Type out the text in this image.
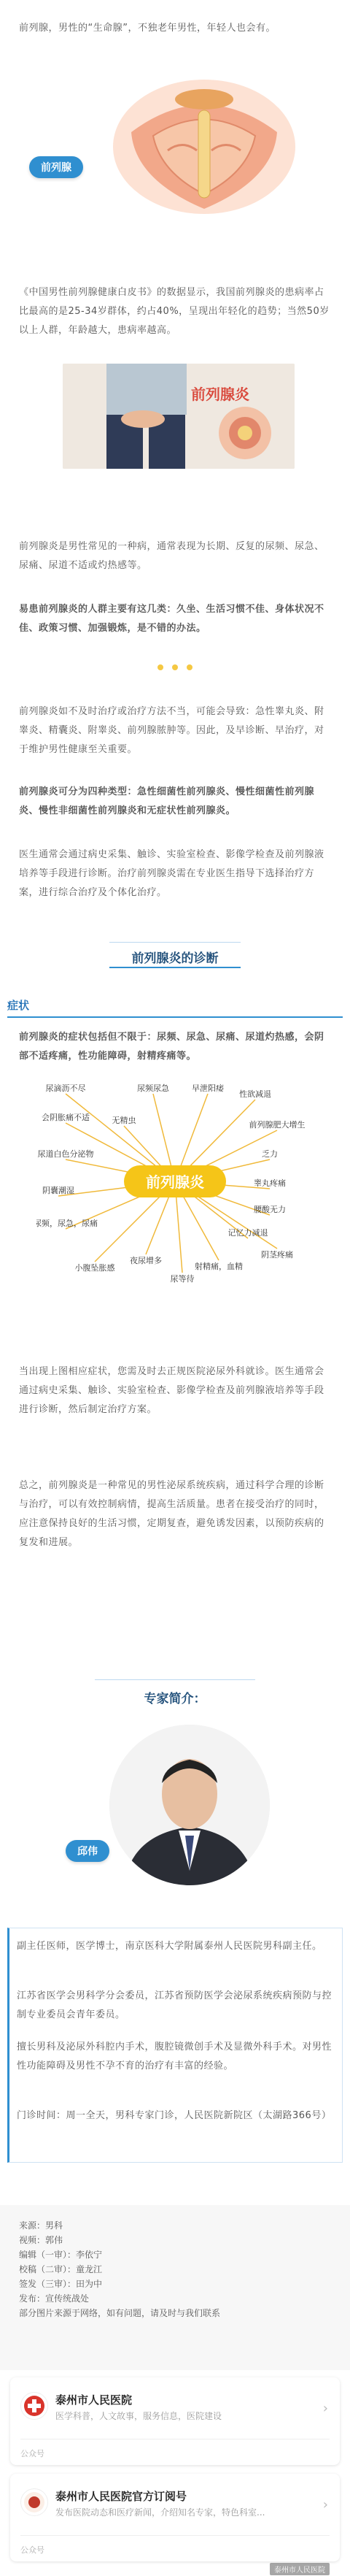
前列腺，男性的“生命腺”，不独老年男性，年轻人也会有。

前列腺

《中国男性前列腺健康白皮书》的数据显示，我国前列腺炎的患病率占比最高的是25-34岁群体，约占40%，呈现出年轻化的趋势；当然50岁以上人群，年龄越大，患病率越高。

前列腺炎

前列腺炎是男性常见的一种病，通常表现为长期、反复的尿频、尿急、尿痛、尿道不适或灼热感等。

易患前列腺炎的人群主要有这几类：久坐、生活习惯不佳、身体状况不佳、政策习惯、加强锻炼，是不错的办法。

前列腺炎如不及时治疗或治疗方法不当，可能会导致：急性睾丸炎、附睾炎、精囊炎、附睾炎、前列腺脓肿等。因此，及早诊断、早治疗，对于维护男性健康至关重要。

前列腺炎可分为四种类型：急性细菌性前列腺炎、慢性细菌性前列腺炎、慢性非细菌性前列腺炎和无症状性前列腺炎。

医生通常会通过病史采集、触诊、实验室检查、影像学检查及前列腺液培养等手段进行诊断。治疗前列腺炎需在专业医生指导下选择治疗方案，进行综合治疗及个体化治疗。

前列腺炎的诊断
症状

前列腺炎的症状包括但不限于：尿频、尿急、尿痛、尿道灼热感，会阴部不适疼痛，性功能障碍，射精疼痛等。

前列腺炎
尿滴沥不尽	尿频尿急	早泄阳痿
性欲减退
前列腺肥大增生
会阴胀痛不适	无精虫
尿道白色分泌物
阴囊潮湿
乏力
睾丸疼痛
腰酸无力
尿频，尿急，尿痛
记忆力减退
小腹坠胀感
夜尿增多
射精痛，血精
尿等待
阴茎疼痛

当出现上图相应症状，您需及时去正规医院泌尿外科就诊。医生通常会通过病史采集、触诊、实验室检查、影像学检查及前列腺液培养等手段进行诊断，然后制定治疗方案。

总之，前列腺炎是一种常见的男性泌尿系统疾病，通过科学合理的诊断与治疗，可以有效控制病情，提高生活质量。患者在接受治疗的同时，应注意保持良好的生活习惯，定期复查，避免诱发因素，以预防疾病的复发和进展。

专家简介：
邱伟

副主任医师，医学博士，南京医科大学附属泰州人民医院男科副主任。

江苏省医学会男科学分会委员，江苏省预防医学会泌尿系统疾病预防与控制专业委员会青年委员。

擅长男科及泌尿外科腔内手术，腹腔镜微创手术及显微外科手术。对男性性功能障碍及男性不孕不育的治疗有丰富的经验。

门诊时间：周一全天，男科专家门诊，人民医院新院区（太湖路366号）

来源：男科
视频：郭伟
编辑（一审）：李依宁
校稿（二审）：童龙江
签发（三审）：田为中
发布：宣传统战处
部分图片来源于网络，如有问题，请及时与我们联系
泰州市人民医院
医学科普，人文故事，服务信息，医院建设	›
公众号
泰州市人民医院官方订阅号
发布医院动态和医疗新闻，介绍知名专家，特色科室...	›
公众号
泰州市人民医院
